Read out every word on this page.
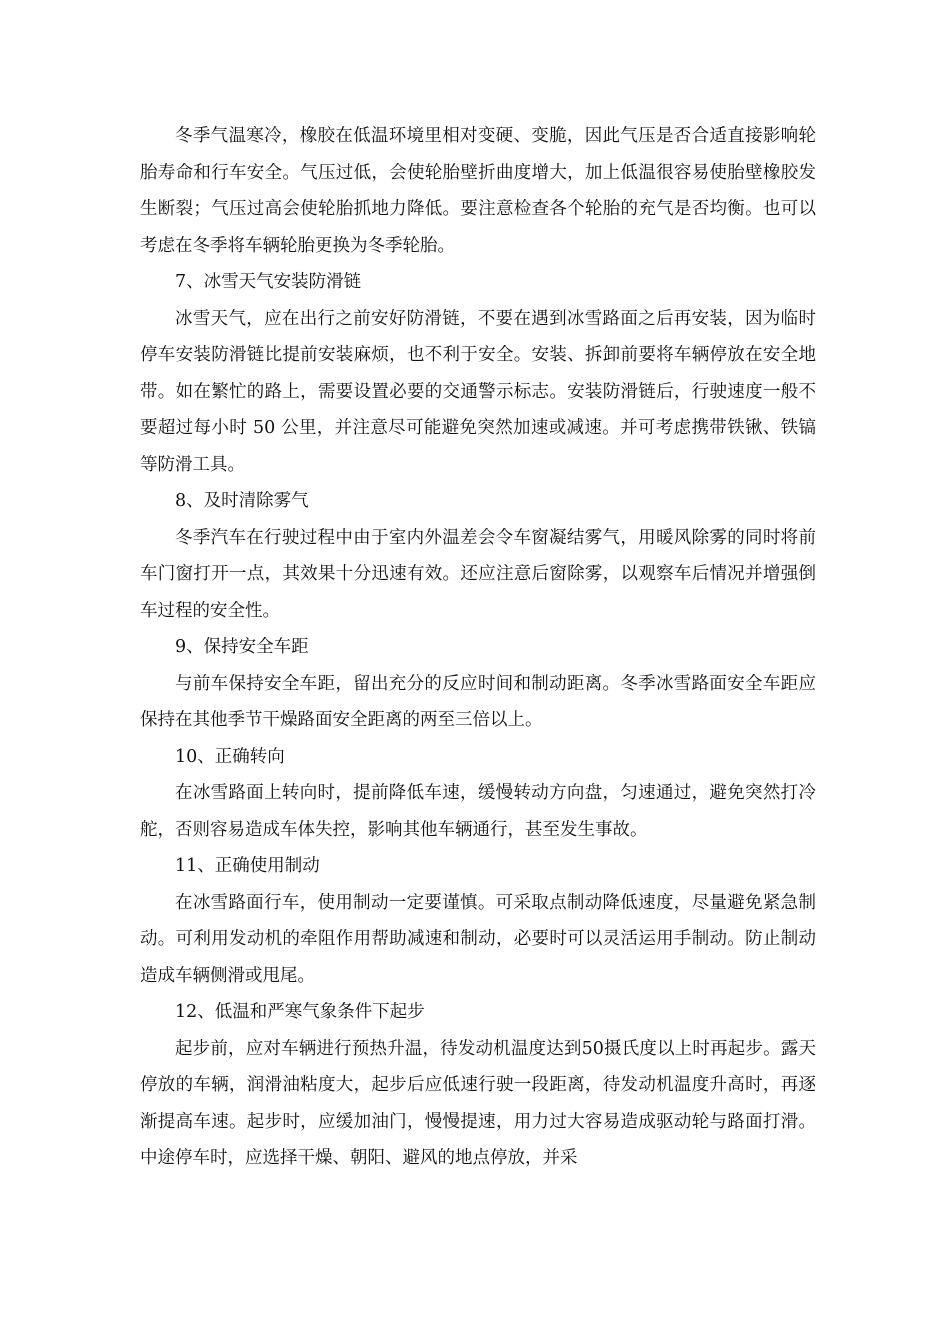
冬季气温寒冷，橡胶在低温环境里相对变硬、变脆，因此气压是否合适直接影响轮胎寿命和行车安全。气压过低，会使轮胎壁折曲度增大，加上低温很容易使胎壁橡胶发生断裂；气压过高会使轮胎抓地力降低。要注意检查各个轮胎的充气是否均衡。也可以考虑在冬季将车辆轮胎更换为冬季轮胎。

7、冰雪天气安装防滑链

冰雪天气，应在出行之前安好防滑链，不要在遇到冰雪路面之后再安装，因为临时停车安装防滑链比提前安装麻烦，也不利于安全。安装、拆卸前要将车辆停放在安全地带。如在繁忙的路上，需要设置必要的交通警示标志。安装防滑链后，行驶速度一般不要超过每小时 50 公里，并注意尽可能避免突然加速或减速。并可考虑携带铁锹、铁镐等防滑工具。

8、及时清除雾气

冬季汽车在行驶过程中由于室内外温差会令车窗凝结雾气，用暖风除雾的同时将前车门窗打开一点，其效果十分迅速有效。还应注意后窗除雾，以观察车后情况并增强倒车过程的安全性。

9、保持安全车距

与前车保持安全车距，留出充分的反应时间和制动距离。冬季冰雪路面安全车距应保持在其他季节干燥路面安全距离的两至三倍以上。

10、正确转向

在冰雪路面上转向时，提前降低车速，缓慢转动方向盘，匀速通过，避免突然打冷舵，否则容易造成车体失控，影响其他车辆通行，甚至发生事故。

11、正确使用制动

在冰雪路面行车，使用制动一定要谨慎。可采取点制动降低速度，尽量避免紧急制动。可利用发动机的牵阻作用帮助减速和制动，必要时可以灵活运用手制动。防止制动造成车辆侧滑或甩尾。

12、低温和严寒气象条件下起步

起步前，应对车辆进行预热升温，待发动机温度达到50摄氏度以上时再起步。露天停放的车辆，润滑油粘度大，起步后应低速行驶一段距离，待发动机温度升高时，再逐渐提高车速。起步时，应缓加油门，慢慢提速，用力过大容易造成驱动轮与路面打滑。中途停车时，应选择干燥、朝阳、避风的地点停放，并采
